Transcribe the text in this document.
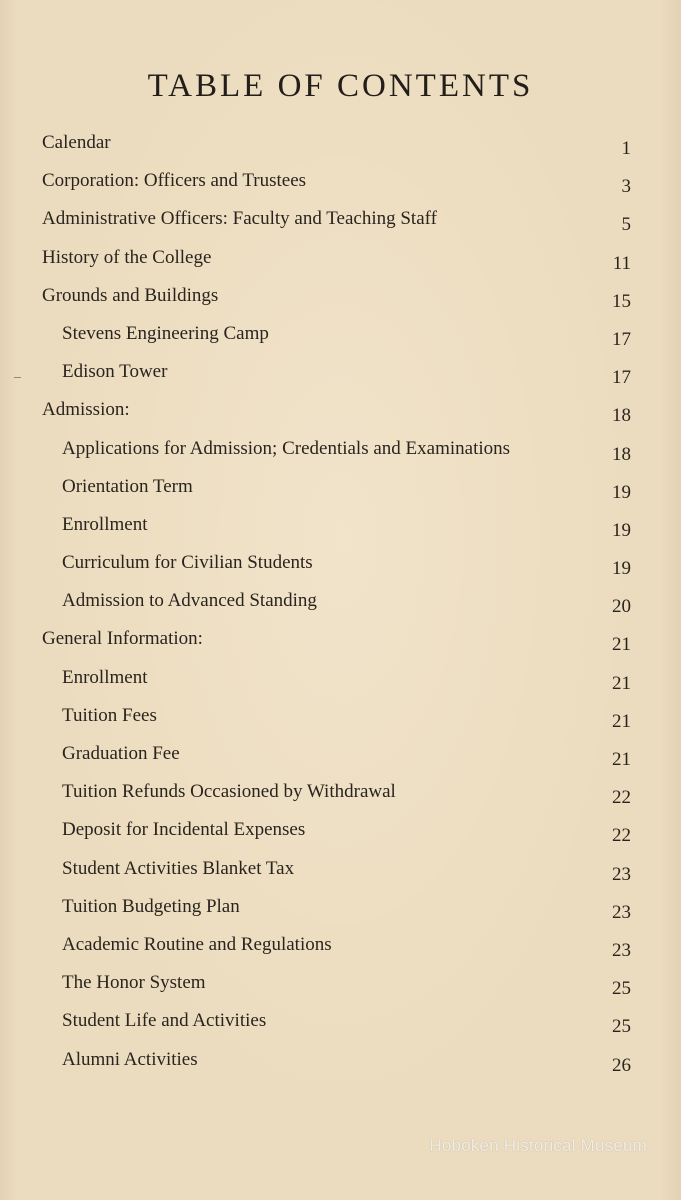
TABLE OF CONTENTS
Calendar	1
Corporation: Officers and Trustees	3
Administrative Officers: Faculty and Teaching Staff	5
History of the College	11
Grounds and Buildings	15
Stevens Engineering Camp	17
Edison Tower	17
Admission:	18
Applications for Admission; Credentials and Examinations	18
Orientation Term	19
Enrollment	19
Curriculum for Civilian Students	19
Admission to Advanced Standing	20
General Information:	21
Enrollment	21
Tuition Fees	21
Graduation Fee	21
Tuition Refunds Occasioned by Withdrawal	22
Deposit for Incidental Expenses	22
Student Activities Blanket Tax	23
Tuition Budgeting Plan	23
Academic Routine and Regulations	23
The Honor System	25
Student Life and Activities	25
Alumni Activities	26
Hoboken Historical Museum
